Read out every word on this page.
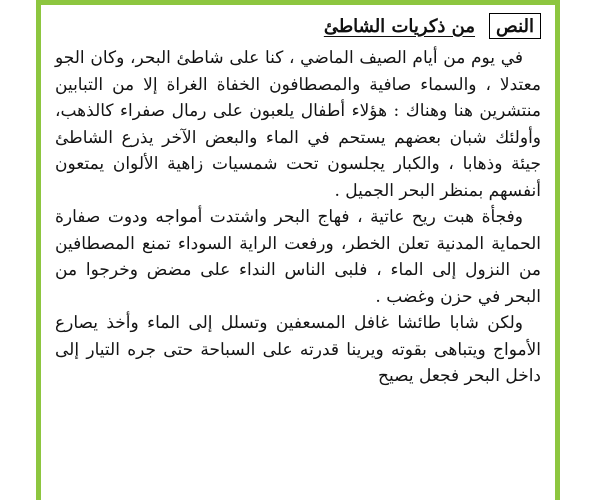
النص
من ذكريات الشاطئ

في يوم من أيام الصيف الماضي ، كنا على شاطئ البحر، وكان الجو معتدلا ، والسماء صافية والمصطافون الخفاة الغراة إلا من التبابين منتشرين هنا وهناك : هؤلاء أطفال يلعبون على رمال صفراء كالذهب، وأولئك شبان بعضهم يستحم في الماء والبعض الآخر يذرع الشاطئ جيئة وذهابا ، والكبار يجلسون تحت شمسيات زاهية الألوان يمتعون أنفسهم بمنظر البحر الجميل .

وفجأة هبت ريح عاتية ، فهاج البحر واشتدت أمواجه ودوت صفارة الحماية المدنية تعلن الخطر، ورفعت الراية السوداء تمنع المصطافين من النزول إلى الماء ، فلبى الناس النداء على مضض وخرجوا من البحر في حزن وغضب .

ولكن شابا طائشا غافل المسعفين وتسلل إلى الماء وأخذ يصارع الأمواج ويتباهى بقوته ويرينا قدرته على السباحة حتى جره التيار إلى داخل البحر فجعل يصيح
